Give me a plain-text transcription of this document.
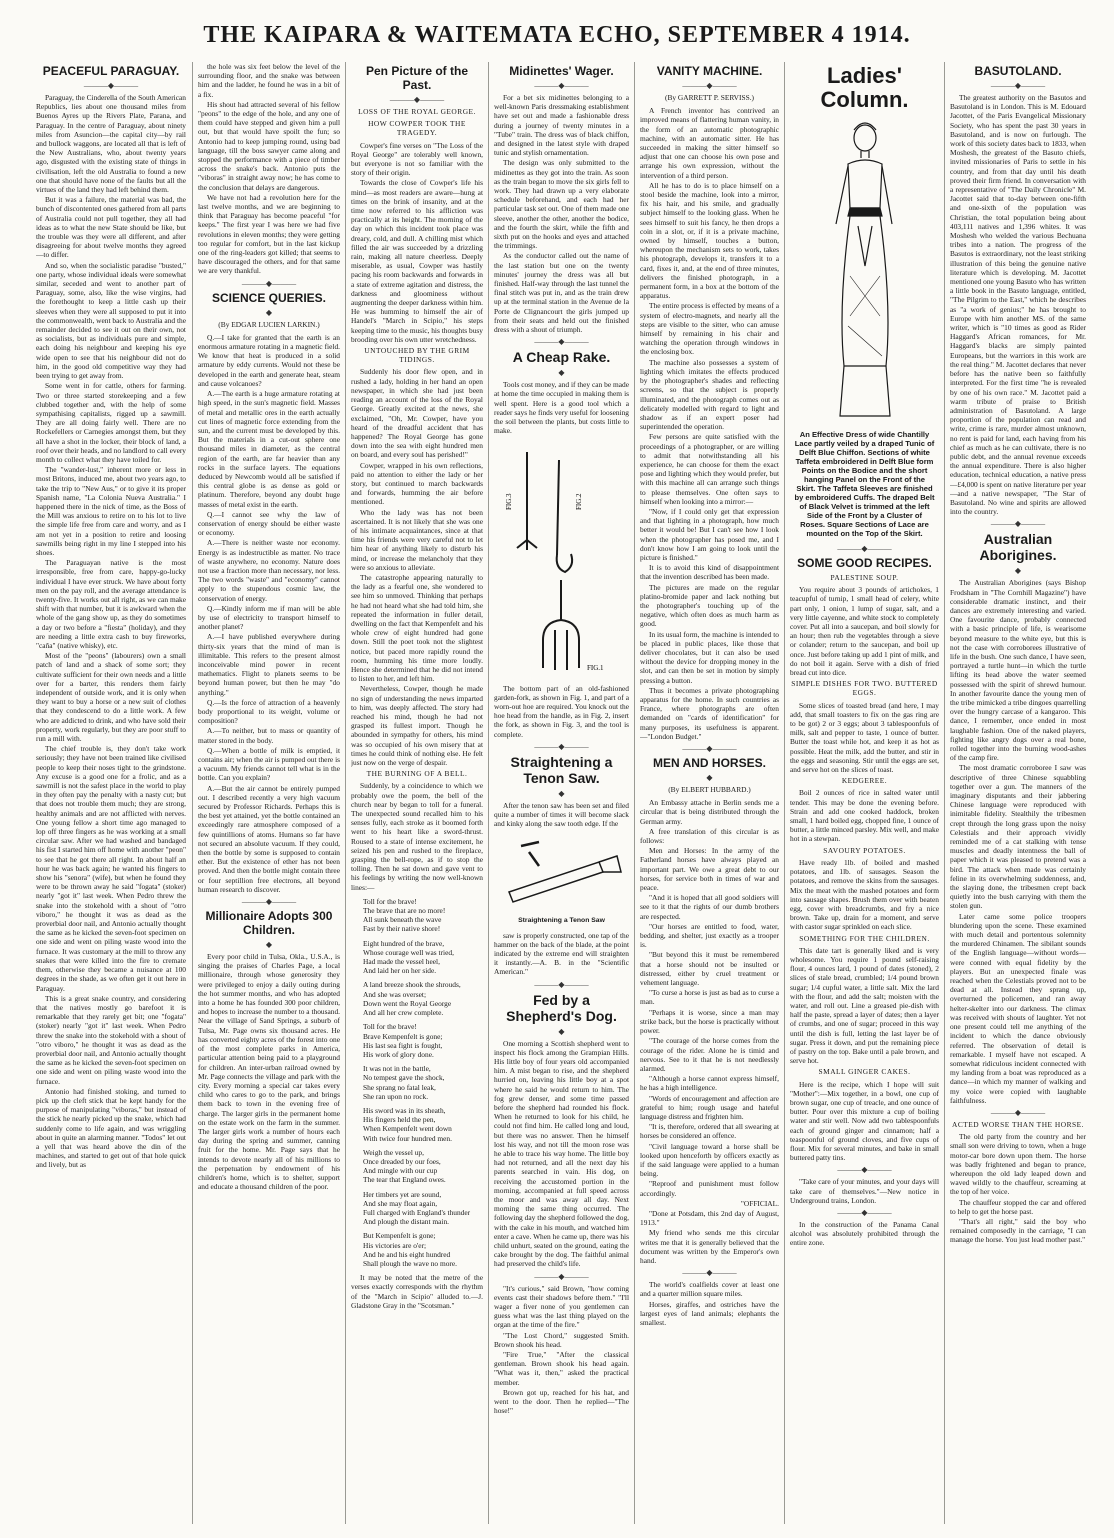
THE KAIPARA & WAITEMATA ECHO, SEPTEMBER 4 1914.
PEACEFUL PARAGUAY.
———◆———

Paraguay, the Cinderella of the South American Republics, lies about one thousand miles from Buenos Ayres up the Rivers Plate, Parana, and Paraguay. In the centre of Paraguay, about ninety miles from Asuncion—the capital city—by rail and bullock waggons, are located all that is left of the New Australians, who, about twenty years ago, disgusted with the existing state of things in civilisation, left the old Australia to found a new one that should have none of the faults but all the virtues of the land they had left behind them.

But it was a failure, the material was bad, the bunch of discontented ones gathered from all parts of Australia could not pull together, they all had ideas as to what the new State should be like, but the trouble was they were all different, and after disagreeing for about twelve months they agreed—to differ.

And so, when the socialistic paradise "busted," one party, whose individual ideals were somewhat similar, seceded and went to another part of Paraguay, some, also, like the wise virgins, had the forethought to keep a little cash up their sleeves when they were all supposed to put it into the commonwealth, went back to Australia and the remainder decided to see it out on their own, not as socialists, but as individuals pure and simple, each doing his neighbour and keeping his eye wide open to see that his neighbour did not do him, in the good old competitive way they had been trying to get away from.

Some went in for cattle, others for farming. Two or three started storekeeping and a few clubbed together and, with the help of some sympathising capitalists, rigged up a sawmill. They are all doing fairly well. There are no Rockefellers or Carnegies amongst them, but they all have a shot in the locker, their block of land, a roof over their heads, and no landlord to call every month to collect what they have toiled for.

The "wander-lust," inherent more or less in most Britons, induced me, about two years ago, to take the trip to "New Aus," or to give it its proper Spanish name, "La Colonia Nueva Australia." I happened there in the nick of time, as the Boss of the Mill was anxious to retire on to his lot to live the simple life free from care and worry, and as I am not yet in a position to retire and loosing sawmills being right in my line I stepped into his shoes.

The Paraguayan native is the most irresponsible, free from care, happy-go-lucky individual I have ever struck. We have about forty men on the pay roll, and the average attendance is twenty-five. It works out all right, as we can make shift with that number, but it is awkward when the whole of the gang show up, as they do sometimes a day or two before a "fiesta" (holiday), and they are needing a little extra cash to buy fireworks, "caña" (native whisky), etc.

Most of the "peons" (labourers) own a small patch of land and a shack of some sort; they cultivate sufficient for their own needs and a little over for a barter, this renders them fairly independent of outside work, and it is only when they want to buy a horse or a new suit of clothes that they condescend to do a little work. A few who are addicted to drink, and who have sold their property, work regularly, but they are poor stuff to run a mill with.

The chief trouble is, they don't take work seriously; they have not been trained like civilised people to keep their noses tight to the grindstone. Any excuse is a good one for a frolic, and as a sawmill is not the safest place in the world to play in they often pay the penalty with a nasty cut; but that does not trouble them much; they are strong, healthy animals and are not afflicted with nerves. One young fellow a short time ago managed to lop off three fingers as he was working at a small circular saw. After we had washed and bandaged his fist I started him off home with another "peon" to see that he got there all right. In about half an hour he was back again; he wanted his fingers to show his "senora" (wife), but when he found they were to be thrown away he said "fogata" (stoker) nearly "got it" last week. When Pedro threw the snake into the stokehold with a shout of "otro viboro," he thought it was as dead as the proverbial door nail, and Antonio actually thought the same as he kicked the seven-foot specimen on one side and went on piling waste wood into the furnace. It was customary at the mill to throw any snakes that were killed into the fire to cremate them, otherwise they became a nuisance at 100 degrees in the shade, as we often get it out here in Paraguay.

This is a great snake country, and considering that the natives mostly go barefoot it is remarkable that they rarely get bit; one "fogata" (stoker) nearly "got it" last week. When Pedro threw the snake into the stokehold with a shout of "otro viboro," he thought it was as dead as the proverbial door nail, and Antonio actually thought the same as he kicked the seven-foot specimen on one side and went on piling waste wood into the furnace.

Antonio had finished stoking, and turned to pick up the cleft stick that he kept handy for the purpose of manipulating "viboras," but instead of the stick he nearly picked up the snake, which had suddenly come to life again, and was wriggling about in quite an alarming manner. "Todos" let out a yell that was heard above the din of the machines, and started to get out of that hole quick and lively, but as

the hole was six feet below the level of the surrounding floor, and the snake was between him and the ladder, he found he was in a bit of a fix.

His shout had attracted several of his fellow "peons" to the edge of the hole, and any one of them could have stepped and given him a pull out, but that would have spoilt the fun; so Antonio had to keep jumping round, using bad language, till the boss sawyer came along and stopped the performance with a piece of timber across the snake's back. Antonio puts the "viboras" in straight away now; he has come to the conclusion that delays are dangerous.

We have not had a revolution here for the last twelve months, and we are beginning to think that Paraguay has become peaceful "for keeps." The first year I was here we had five revolutions in eleven months; they were getting too regular for comfort, but in the last kickup one of the ring-leaders got killed; that seems to have discouraged the others, and for that same we are very thankful.

———◆———
SCIENCE QUERIES.
◆
(By EDGAR LUCIEN LARKIN.)

Q.—I take for granted that the earth is an enormous armature rotating in a magnetic field. We know that heat is produced in a solid armature by eddy currents. Would not these be developed in the earth and generate heat, steam and cause volcanoes?

A.—The earth is a huge armature rotating at high speed, in the sun's magnetic field. Masses of metal and metallic ores in the earth actually cut lines of magnetic force extending from the sun, and the current must be developed by this. But the materials in a cut-out sphere one thousand miles in diameter, as the central region of the earth, are far heavier than any rocks in the surface layers. The equations deduced by Newcomb would all be satisfied if this central globe is as dense as gold or platinum. Therefore, beyond any doubt huge masses of metal exist in the earth.

Q.—I cannot see why the law of conservation of energy should be either waste or economy.

A.—There is neither waste nor economy. Energy is as indestructible as matter. No trace of waste anywhere, no economy. Nature does not use a fraction more than necessary, nor less. The two words "waste" and "economy" cannot apply to the stupendous cosmic law, the conservation of energy.

Q.—Kindly inform me if man will be able by use of electricity to transport himself to another planet?

A.—I have published everywhere during thirty-six years that the mind of man is illimitable. This refers to the present almost inconceivable mind power in recent mathematics. Flight to planets seems to be beyond human power, but then he may "do anything."

Q.—Is the force of attraction of a heavenly body proportional to its weight, volume or composition?

A.—To neither, but to mass or quantity of matter stored in the body.

Q.—When a bottle of milk is emptied, it contains air; when the air is pumped out there is a vacuum. My friends cannot tell what is in the bottle. Can you explain?

A.—But the air cannot be entirely pumped out. I described recently a very high vacuum secured by Professor Richards. Perhaps this is the best yet attained, yet the bottle contained an exceedingly rare atmosphere composed of a few quintillions of atoms. Humans so far have not secured an absolute vacuum. If they could, then the bottle by some is supposed to contain ether. But the existence of ether has not been proved. And then the bottle might contain three or four septillion free electrons, all beyond human research to discover.

———◆———
Millionaire Adopts 300 Children.
◆

Every poor child in Tulsa, Okla., U.S.A., is singing the praises of Charles Page, a local millionaire, through whose generosity they were privileged to enjoy a daily outing during the hot summer months, and who has adopted into a home he has founded 300 poor children, and hopes to increase the number to a thousand. Near the village of Sand Springs, a suburb of Tulsa, Mr. Page owns six thousand acres. He has converted eighty acres of the forest into one of the most complete parks in America, particular attention being paid to a playground for children. An inter-urban railroad owned by Mr. Page connects the village and park with the city. Every morning a special car takes every child who cares to go to the park, and brings them back to town in the evening free of charge. The larger girls in the permanent home on the estate work on the farm in the summer. The larger girls work a number of hours each day during the spring and summer, canning fruit for the home. Mr. Page says that he intends to devote nearly all of his millions to the perpetuation by endowment of his children's home, which is to shelter, support and educate a thousand children of the poor.

Pen Picture of the Past.
———◆———
LOSS OF THE ROYAL GEORGE.
HOW COWPER TOOK THE TRAGEDY.

Cowper's fine verses on "The Loss of the Royal George" are tolerably well known, but everyone is not so familiar with the story of their origin.

Towards the close of Cowper's life his mind—as most readers are aware—hung at times on the brink of insanity, and at the time now referred to his affliction was practically at its height. The morning of the day on which this incident took place was dreary, cold, and dull. A chilling mist which filled the air was succeeded by a drizzling rain, making all nature cheerless. Deeply miserable, as usual, Cowper was hastily pacing his room backwards and forwards in a state of extreme agitation and distress, the darkness and gloominess without augmenting the deeper darkness within him. He was humming to himself the air of Handel's "March in Scipio," his steps keeping time to the music, his thoughts busy brooding over his own utter wretchedness.

UNTOUCHED BY THE GRIM TIDINGS.

Suddenly his door flew open, and in rushed a lady, holding in her hand an open newspaper, in which she had just been reading an account of the loss of the Royal George. Greatly excited at the news, she exclaimed, "Oh, Mr. Cowper, have you heard of the dreadful accident that has happened? The Royal George has gone down into the sea with eight hundred men on board, and every soul has perished!"

Cowper, wrapped in his own reflections, paid no attention to either the lady or her story, but continued to march backwards and forwards, humming the air before mentioned.

Who the lady was has not been ascertained. It is not likely that she was one of his intimate acquaintances, since at that time his friends were very careful not to let him hear of anything likely to disturb his mind, or increase the melancholy that they were so anxious to alleviate.

The catastrophe appearing naturally to the lady as a fearful one, she wondered to see him so unmoved. Thinking that perhaps he had not heard what she had told him, she repeated the information in fuller detail, dwelling on the fact that Kempenfelt and his whole crew of eight hundred had gone down. Still the poet took not the slightest notice, but paced more rapidly round the room, humming his time more loudly. Hence she determined that he did not intend to listen to her, and left him.

Nevertheless, Cowper, though he made no sign of understanding the news imparted to him, was deeply affected. The story had reached his mind, though he had not grasped its fullest import. Though he abounded in sympathy for others, his mind was so occupied of his own misery that at times he could think of nothing else. He felt just now on the verge of despair.

THE BURNING OF A BELL.

Suddenly, by a coincidence to which we probably owe the poem, the bell of the church near by began to toll for a funeral. The unexpected sound recalled him to his senses fully, each stroke as it boomed forth went to his heart like a sword-thrust. Roused to a state of intense excitement, he seized his pen and rushed to the fireplace, grasping the bell-rope, as if to stop the tolling. Then he sat down and gave vent to his feelings by writing the now well-known lines:—

Toll for the brave!

The brave that are no more!

All sunk beneath the wave

Fast by their native shore!

Eight hundred of the brave,

Whose courage well was tried,

Had made the vessel heel,

And laid her on her side.

A land breeze shook the shrouds,

And she was overset;

Down went the Royal George

And all her crew complete.

Toll for the brave!

Brave Kempenfelt is gone;

His last sea fight is fought,

His work of glory done.

It was not in the battle,

No tempest gave the shock,

She sprang no fatal leak,

She ran upon no rock.

His sword was in its sheath,

His fingers held the pen,

When Kempenfelt went down

With twice four hundred men.

Weigh the vessel up,

Once dreaded by our foes,

And mingle with our cup

The tear that England owes.

Her timbers yet are sound,

And she may float again,

Full charged with England's thunder

And plough the distant main.

But Kempenfelt is gone;

His victories are o'er;

And he and his eight hundred

Shall plough the wave no more.

It may be noted that the metre of the verses exactly corresponds with the rhythm of the "March in Scipio" alluded to.—J. Gladstone Gray in the "Scotsman."

Midinettes' Wager.
———◆———

For a bet six midinettes belonging to a well-known Paris dressmaking establishment have set out and made a fashionable dress during a journey of twenty minutes in a "Tube" train. The dress was of black chiffon, and designed in the latest style with draped tunic and stylish ornamentation.

The design was only submitted to the midinettes as they got into the train. As soon as the train began to move the six girls fell to work. They had drawn up a very elaborate schedule beforehand, and each had her particular task set out. One of them made one sleeve, another the other, another the bodice, and the fourth the skirt, while the fifth and sixth put on the hooks and eyes and attached the trimmings.

As the conductor called out the name of the last station but one on the twenty minutes' journey the dress was all but finished. Half-way through the last tunnel the final stitch was put in, and as the train drew up at the terminal station in the Avenue de la Porte de Clignancourt the girls jumped up from their seats and held out the finished dress with a shout of triumph.

———◆———
A Cheap Rake.
◆

Tools cost money, and if they can be made at home the time occupied in making them is well spent. Here is a good tool which a reader says he finds very useful for loosening the soil between the plants, but costs little to make.

FIG.3	FIG.2
FIG.1

The bottom part of an old-fashioned garden-fork, as shown in Fig. 1, and part of a worn-out hoe are required. You knock out the hoe head from the handle, as in Fig. 2, insert the fork, as shown in Fig. 3, and the tool is complete.

———◆———
Straightening a Tenon Saw.
◆

After the tenon saw has been set and filed quite a number of times it will become slack and kinky along the saw tooth edge. If the

Straightening a Tenon Saw

saw is properly constructed, one tap of the hammer on the back of the blade, at the point indicated by the extreme end will straighten it instantly.—A. B. in the "Scientific American."

———◆———
Fed by a Shepherd's Dog.
◆

One morning a Scottish shepherd went to inspect his flock among the Grampian Hills. His little boy of four years old accompanied him. A mist began to rise, and the shepherd hurried on, leaving his little boy at a spot where he said he would return to him. The fog grew denser, and some time passed before the shepherd had rounded his flock. When he returned to look for his child, he could not find him. He called long and loud, but there was no answer. Then he himself lost his way, and not till the moon rose was he able to trace his way home. The little boy had not returned, and all the next day his parents searched in vain. His dog, on receiving the accustomed portion in the morning, accompanied at full speed across the moor and was away all day. Next morning the same thing occurred. The following day the shepherd followed the dog, with the cake in his mouth, and watched him enter a cave. When he came up, there was his child unhurt, seated on the ground, eating the cake brought by the dog. The faithful animal had preserved the child's life.

———◆———

"It's curious," said Brown, "how coming events cast their shadows before them." "I'll wager a fiver none of you gentlemen can guess what was the last thing played on the organ at the time of the fire."

"The Lost Chord," suggested Smith. Brown shook his head.

"Fire True," "After the classical gentleman. Brown shook his head again. "What was it, then," asked the practical member.

Brown got up, reached for his hat, and went to the door. Then he replied—"The hose!"

VANITY MACHINE.
———◆———
(By GARRETT P. SERVISS.)

A French inventor has contrived an improved means of flattering human vanity, in the form of an automatic photographic machine, with an automatic sitter. He has succeeded in making the sitter himself so adjust that one can choose his own pose and arrange his own expression, without the intervention of a third person.

All he has to do is to place himself on a stool beside the machine, look into a mirror, fix his hair, and his smile, and gradually subject himself to the looking glass. When he sees himself to suit his fancy, he then drops a coin in a slot, or, if it is a private machine, owned by himself, touches a button, whereupon the mechanism sets to work, takes his photograph, develops it, transfers it to a card, fixes it, and, at the end of three minutes, delivers the finished photograph, in a permanent form, in a box at the bottom of the apparatus.

The entire process is effected by means of a system of electro-magnets, and nearly all the steps are visible to the sitter, who can amuse himself by remaining in his chair and watching the operation through windows in the enclosing box.

The machine also possesses a system of lighting which imitates the effects produced by the photographer's shades and reflecting screens, so that the subject is properly illuminated, and the photograph comes out as delicately modelled with regard to light and shadow as if an expert poser had superintended the operation.

Few persons are quite satisfied with the proceedings of a photographer, or are willing to admit that notwithstanding all his experience, he can choose for them the exact pose and lighting which they would prefer, but with this machine all can arrange such things to please themselves. One often says to himself when looking into a mirror:—

"Now, if I could only get that expression and that lighting in a photograph, how much better it would be! But I can't see how I look when the photographer has posed me, and I don't know how I am going to look until the picture is finished."

It is to avoid this kind of disappointment that the invention described has been made.

The pictures are made on the regular platino-bromide paper and lack nothing but the photographer's touching up of the negative, which often does as much harm as good.

In its usual form, the machine is intended to be placed in public places, like those that deliver chocolates, but it can also be used without the device for dropping money in the slot, and can then be set in motion by simply pressing a button.

Thus it becomes a private photographing apparatus for the home. In such countries as France, where photographs are often demanded on "cards of identification" for many purposes, its usefulness is apparent.—"London Budget."

———◆———
MEN AND HORSES.
◆
(By ELBERT HUBBARD.)

An Embassy attache in Berlin sends me a circular that is being distributed through the German army.

A free translation of this circular is as follows:

Men and Horses: In the army of the Fatherland horses have always played an important part. We owe a great debt to our horses, for service both in times of war and peace.

"And it is hoped that all good soldiers will see to it that the rights of our dumb brothers are respected.

"Our horses are entitled to food, water, bedding, and shelter, just exactly as a trooper is.

"But beyond this it must be remembered that a horse should not be insulted or distressed, either by cruel treatment or vehement language.

"To curse a horse is just as bad as to curse a man.

"Perhaps it is worse, since a man may strike back, but the horse is practically without power.

"The courage of the horse comes from the courage of the rider. Alone he is timid and nervous. See to it that he is not needlessly alarmed.

"Although a horse cannot express himself, he has a high intelligence.

"Words of encouragement and affection are grateful to him; rough usage and hateful language distress and frighten him.

"It is, therefore, ordered that all swearing at horses be considered an offence.

"Civil language toward a horse shall be looked upon henceforth by officers exactly as if the said language were applied to a human being.

"Reproof and punishment must follow accordingly.

"OFFICIAL.

"Done at Potsdam, this 2nd day of August, 1913."

My friend who sends me this circular writes me that it is generally believed that the document was written by the Emperor's own hand.

———◆———

The world's coalfields cover at least one and a quarter million square miles.

Horses, giraffes, and ostriches have the largest eyes of land animals; elephants the smallest.

Ladies' Column.
An Effective Dress of wide Chantilly Lace partly veiled by a draped Tunic of Delft Blue Chiffon. Sections of white Taffeta embroidered in Delft Blue form Points on the Bodice and the short hanging Panel on the Front of the Skirt. The Taffeta Sleeves are finished by embroidered Cuffs. The draped Belt of Black Velvet is trimmed at the left Side of the Front by a Cluster of Roses. Square Sections of Lace are mounted on the Top of the Skirt.
———◆———
SOME GOOD RECIPES.
PALESTINE SOUP.

You require about 3 pounds of artichokes, 1 teacupful of turnip, 1 small head of celery, white part only, 1 onion, 1 lump of sugar, salt, and a very little cayenne, and white stock to completely cover. Put all into a saucepan, and boil slowly for an hour; then rub the vegetables through a sieve or colander; return to the saucepan, and boil up once. Just before taking up add 1 pint of milk, and do not boil it again. Serve with a dish of fried bread cut into dice.

SIMPLE DISHES FOR TWO. BUTTERED EGGS.

Some slices of toasted bread (and here, I may add, that small toasters to fix on the gas ring are to be got) 2 or 3 eggs; about 3 tablespoonfuls of milk, salt and pepper to taste, 1 ounce of butter. Butter the toast while hot, and keep it as hot as possible. Heat the milk, add the butter, and stir in the eggs and seasoning. Stir until the eggs are set, and serve hot on the slices of toast.

KEDGEREE.

Boil 2 ounces of rice in salted water until tender. This may be done the evening before. Strain and add one cooked haddock, broken small, 1 hard boiled egg, chopped fine, 1 ounce of butter, a little minced parsley. Mix well, and make hot in a stewpan.

SAVOURY POTATOES.

Have ready 1lb. of boiled and mashed potatoes, and 1lb. of sausages. Season the potatoes, and remove the skins from the sausages. Mix the meat with the mashed potatoes and form into sausage shapes. Brush them over with beaten egg, cover with breadcrumbs, and fry a nice brown. Take up, drain for a moment, and serve with castor sugar sprinkled on each slice.

SOMETHING FOR THE CHILDREN.

This date tart is generally liked and is very wholesome. You require 1 pound self-raising flour, 4 ounces lard, 1 pound of dates (stoned), 2 slices of stale bread, crumbled; 1/4 pound brown sugar; 1/4 cupful water, a little salt. Mix the lard with the flour, and add the salt; moisten with the water, and roll out. Line a greased pie-dish with half the paste, spread a layer of dates; then a layer of crumbs, and one of sugar; proceed in this way until the dish is full, letting the last layer be of sugar. Press it down, and put the remaining piece of pastry on the top. Bake until a pale brown, and serve hot.

SMALL GINGER CAKES.

Here is the recipe, which I hope will suit "Mother":—Mix together, in a bowl, one cup of brown sugar, one cup of treacle, and one ounce of butter. Pour over this mixture a cup of boiling water and stir well. Now add two tablespoonfuls each of ground ginger and cinnamon; half a teaspoonful of ground cloves, and five cups of flour. Mix for several minutes, and bake in small buttered patty tins.

———◆———

"Take care of your minutes, and your days will take care of themselves."—New notice in Underground trains, London.

———◆———

In the construction of the Panama Canal alcohol was absolutely prohibited through the entire zone.

BASUTOLAND.
———◆———

The greatest authority on the Basutos and Basutoland is in London. This is M. Edouard Jacottet, of the Paris Evangelical Missionary Society, who has spent the past 30 years in Basutoland, and is now on furlough. The work of this society dates back to 1833, when Moshesh, the greatest of the Basuto chiefs, invited missionaries of Paris to settle in his country, and from that day until his death proved their firm friend. In conversation with a representative of "The Daily Chronicle" M. Jacottet said that to-day between one-fifth and one-sixth of the population was Christian, the total population being about 403,111 natives and 1,396 whites. It was Moshesh who welded the various Bechuana tribes into a nation. The progress of the Basutos is extraordinary, not the least striking illustration of this being the genuine native literature which is developing. M. Jacottet mentioned one young Basuto who has written a little book in the Basuto language, entitled, "The Pilgrim to the East," which he describes as "a work of genius;" he has brought to Europe with him another MS. of the same writer, which is "10 times as good as Rider Haggard's African romances, for Mr. Haggard's blacks are simply painted Europeans, but the warriors in this work are the real thing." M. Jacottet declares that never before has the native been so faithfully interpreted. For the first time "he is revealed by one of his own race." M. Jacottet paid a warm tribute of praise to British administration of Basutoland. A large proportion of the population can read and write, crime is rare, murder almost unknown, no rent is paid for land, each having from his chief as much as he can cultivate, there is no public debt, and the annual revenue exceeds the annual expenditure. There is also higher education, technical education, a native press—£4,000 is spent on native literature per year—and a native newspaper, "The Star of Basutoland. No wine and spirits are allowed into the country.

———◆———
Australian Aborigines.
◆

The Australian Aborigines (says Bishop Frodsham in "The Cornhill Magazine") have considerable dramatic instinct, and their dances are extremely interesting and varied. One favourite dance, probably connected with a basic principle of life, is wearisome beyond measure to the white eye, but this is not the case with corroborees illustrative of life in the bush. One such dance, I have seen, portrayed a turtle hunt—in which the turtle lifting its head above the water seemed possessed with the spirit of shrewd humour. In another favourite dance the young men of the tribe mimicked a tribe dingoes quarrelling over the hungry carcase of a kangaroo. This dance, I remember, once ended in most laughable fashion. One of the naked players, fighting like angry dogs over a real bone, rolled together into the burning wood-ashes of the camp fire.

The most dramatic corroboree I saw was descriptive of three Chinese squabbling together over a gun. The manners of the imaginary disputants and their jabbering Chinese language were reproduced with inimitable fidelity. Stealthily the tribesmen crept through the long grass upon the noisy Celestials and their approach vividly reminded me of a cat stalking with tense muscles and deadly intentness the ball of paper which it was pleased to pretend was a bird. The attack when made was certainly feline in its overwhelming suddenness, and, the slaying done, the tribesmen crept back quietly into the bush carrying with them the stolen gun.

Later came some police troopers blundering upon the scene. These examined with much detail and portentous solemnity the murdered Chinamen. The sibilant sounds of the English language—without words—were conned with equal fidelity by the players. But an unexpected finale was reached when the Celestials proved not to be dead at all. Instead they sprang up, overturned the policemen, and ran away helter-skelter into our darkness. The climax was received with shouts of laughter. Yet not one present could tell me anything of the incident to which the dance obviously referred. The observation of detail is remarkable. I myself have not escaped. A somewhat ridiculous incident connected with my landing from a boat was reproduced as a dance—in which my manner of walking and my voice were copied with laughable faithfulness.

———◆———
ACTED WORSE THAN THE HORSE.

The old party from the country and her small son were driving to town, when a huge motor-car bore down upon them. The horse was badly frightened and began to prance, whereupon the old lady leaped down and waved wildly to the chauffeur, screaming at the top of her voice.

The chauffeur stopped the car and offered to help to get the horse past.

"That's all right," said the boy who remained composedly in the carriage, "I can manage the horse. You just lead mother past."
